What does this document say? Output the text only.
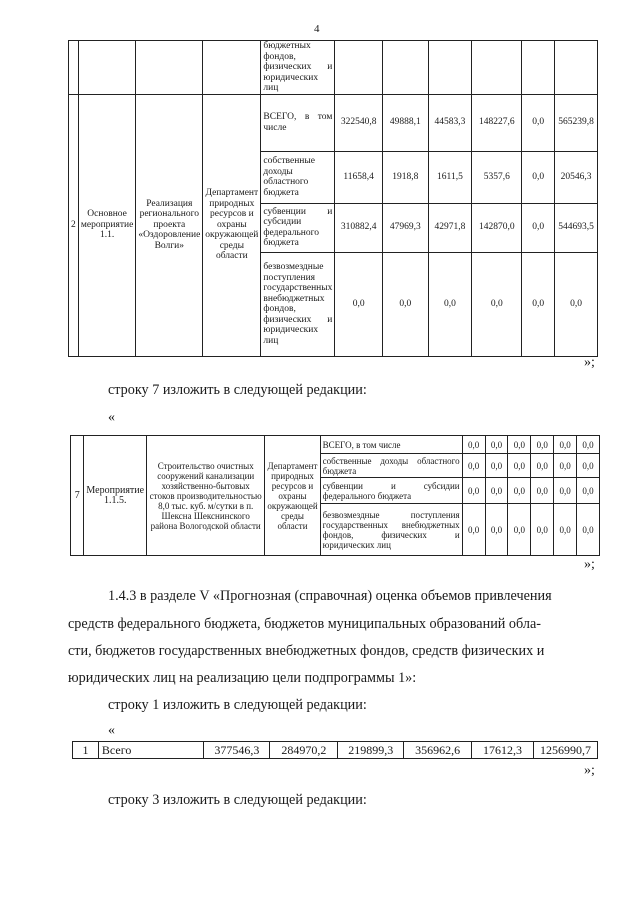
4
				бюджетных фондов, физических и юридических лиц						
2	Основное мероприятие 1.1.	Реализация регионального проекта «Оздоровление Волги»	Департамент природных ресурсов и охраны окружающей среды области	ВСЕГО, в том числе	322540,8	49888,1	44583,3	148227,6	0,0	565239,8
				собственные доходы областного бюджета	11658,4	1918,8	1611,5	5357,6	0,0	20546,3
				субвенции и субсидии федерального бюджета	310882,4	47969,3	42971,8	142870,0	0,0	544693,5
				безвозмездные поступления государственных внебюджетных фондов, физических и юридических лиц	0,0	0,0	0,0	0,0	0,0	0,0
»;
строку 7 изложить в следующей редакции:
«
7	Мероприятие 1.1.5.	Строительство очистных сооружений канализации хозяйственно-бытовых стоков производительностью 8,0 тыс. куб. м/сутки в п. Шексна Шекснинского района Вологодской области	Департамент природных ресурсов и охраны окружающей среды области	ВСЕГО, в том числе	0,0	0,0	0,0	0,0	0,0	0,0
				собственные доходы областного бюджета	0,0	0,0	0,0	0,0	0,0	0,0
				субвенции и субсидии федерального бюджета	0,0	0,0	0,0	0,0	0,0	0,0
				безвозмездные поступления государственных внебюджетных фондов, физических и юридических лиц	0,0	0,0	0,0	0,0	0,0	0,0
»;
1.4.3 в разделе V «Прогнозная (справочная) оценка объемов привлечения
средств федерального бюджета, бюджетов муниципальных образований обла-
сти, бюджетов государственных внебюджетных фондов, средств физических и
юридических лиц на реализацию цели подпрограммы 1»:
строку 1 изложить в следующей редакции:
«
1	Всего	377546,3	284970,2	219899,3	356962,6	17612,3	1256990,7
»;
строку 3 изложить в следующей редакции:
